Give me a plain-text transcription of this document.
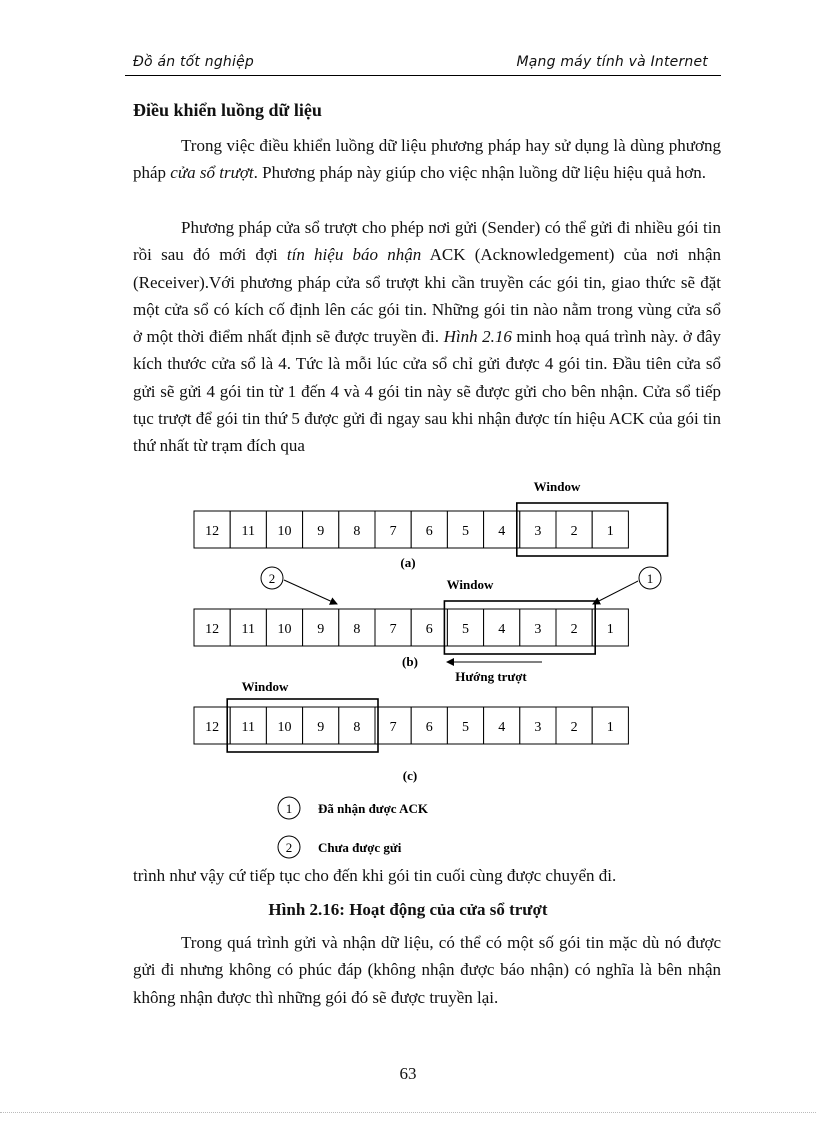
Đồ án tốt nghiệp	Mạng máy tính và Internet
Điều khiển luồng dữ liệu

Trong việc điều khiển luồng dữ liệu phương pháp hay sử dụng là dùng phương pháp cửa sổ trượt. Phương pháp này giúp cho việc nhận luồng dữ liệu hiệu quả hơn.

Phương pháp cửa sổ trượt cho phép nơi gửi (Sender) có thể gửi đi nhiều gói tin rồi sau đó mới đợi tín hiệu báo nhận ACK (Acknowledgement) của nơi nhận (Receiver).Với phương pháp cửa sổ trượt khi cần truyền các gói tin, giao thức sẽ đặt một cửa sổ có kích cố định lên các gói tin. Những gói tin nào nằm trong vùng cửa sổ ở một thời điểm nhất định sẽ được truyền đi. Hình 2.16 minh hoạ quá trình này. ở đây kích thước cửa sổ là 4. Tức là mỗi lúc cửa sổ chỉ gửi được 4 gói tin. Đầu tiên cửa sổ gửi sẽ gửi 4 gói tin từ 1 đến 4 và 4 gói tin này sẽ được gửi cho bên nhận. Cửa sổ tiếp tục trượt để gói tin thứ 5 được gửi đi ngay sau khi nhận được tín hiệu ACK của gói tin thứ nhất từ trạm đích qua

Window
Window
Window
12 11 10 9 8 7 6 5 4 3 2 1
12 11 10 9 8 7 6 5 4 3 2 1
12 11 10 9 8 7 6 5 4 3 2 1
(a)
(b)
(c)
2	1
Hướng trượt
1 Đã nhận được ACK
2 Chưa được gửi

trình như vậy cứ tiếp tục cho đến khi gói tin cuối cùng được chuyển đi.

Hình 2.16: Hoạt động của cửa sổ trượt

Trong quá trình gửi và nhận dữ liệu, có thể có một số gói tin mặc dù nó được gửi đi nhưng không có phúc đáp (không nhận được báo nhận) có nghĩa là bên nhận không nhận được thì những gói đó sẽ được truyền lại.

63
